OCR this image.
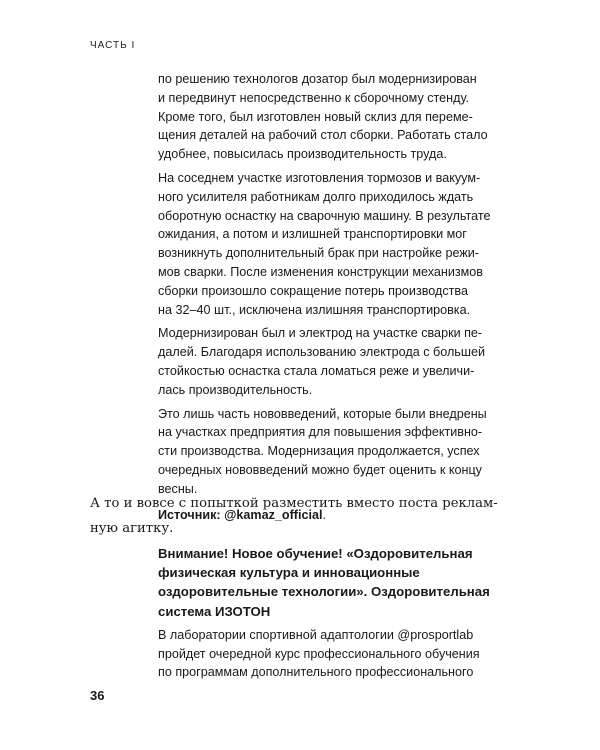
ЧАСТЬ I

по решению технологов дозатор был модернизирован
и передвинут непосредственно к сборочному стенду.
Кроме того, был изготовлен новый склиз для переме-
щения деталей на рабочий стол сборки. Работать стало
удобнее, повысилась производительность труда.

На соседнем участке изготовления тормозов и вакуум-
ного усилителя работникам долго приходилось ждать
оборотную оснастку на сварочную машину. В результате
ожидания, а потом и излишней транспортировки мог
возникнуть дополнительный брак при настройке режи-
мов сварки. После изменения конструкции механизмов
сборки произошло сокращение потерь производства
на 32–40 шт., исключена излишняя транспортировка.

Модернизирован был и электрод на участке сварки пе-
далей. Благодаря использованию электрода с большей
стойкостью оснастка стала ломаться реже и увеличи-
лась производительность.

Это лишь часть нововведений, которые были внедрены
на участках предприятия для повышения эффективно-
сти производства. Модернизация продолжается, успех
очередных нововведений можно будет оценить к концу
весны.

Источник: @kamaz_official.

А то и вовсе с попыткой разместить вместо поста реклам-
ную агитку.
Внимание! Новое обучение! «Оздоровительная
физическая культура и инновационные
оздоровительные технологии». Оздоровительная
система ИЗОТОН
В лаборатории спортивной адаптологии @prosportlab
пройдет очередной курс профессионального обучения
по программам дополнительного профессионального
36
